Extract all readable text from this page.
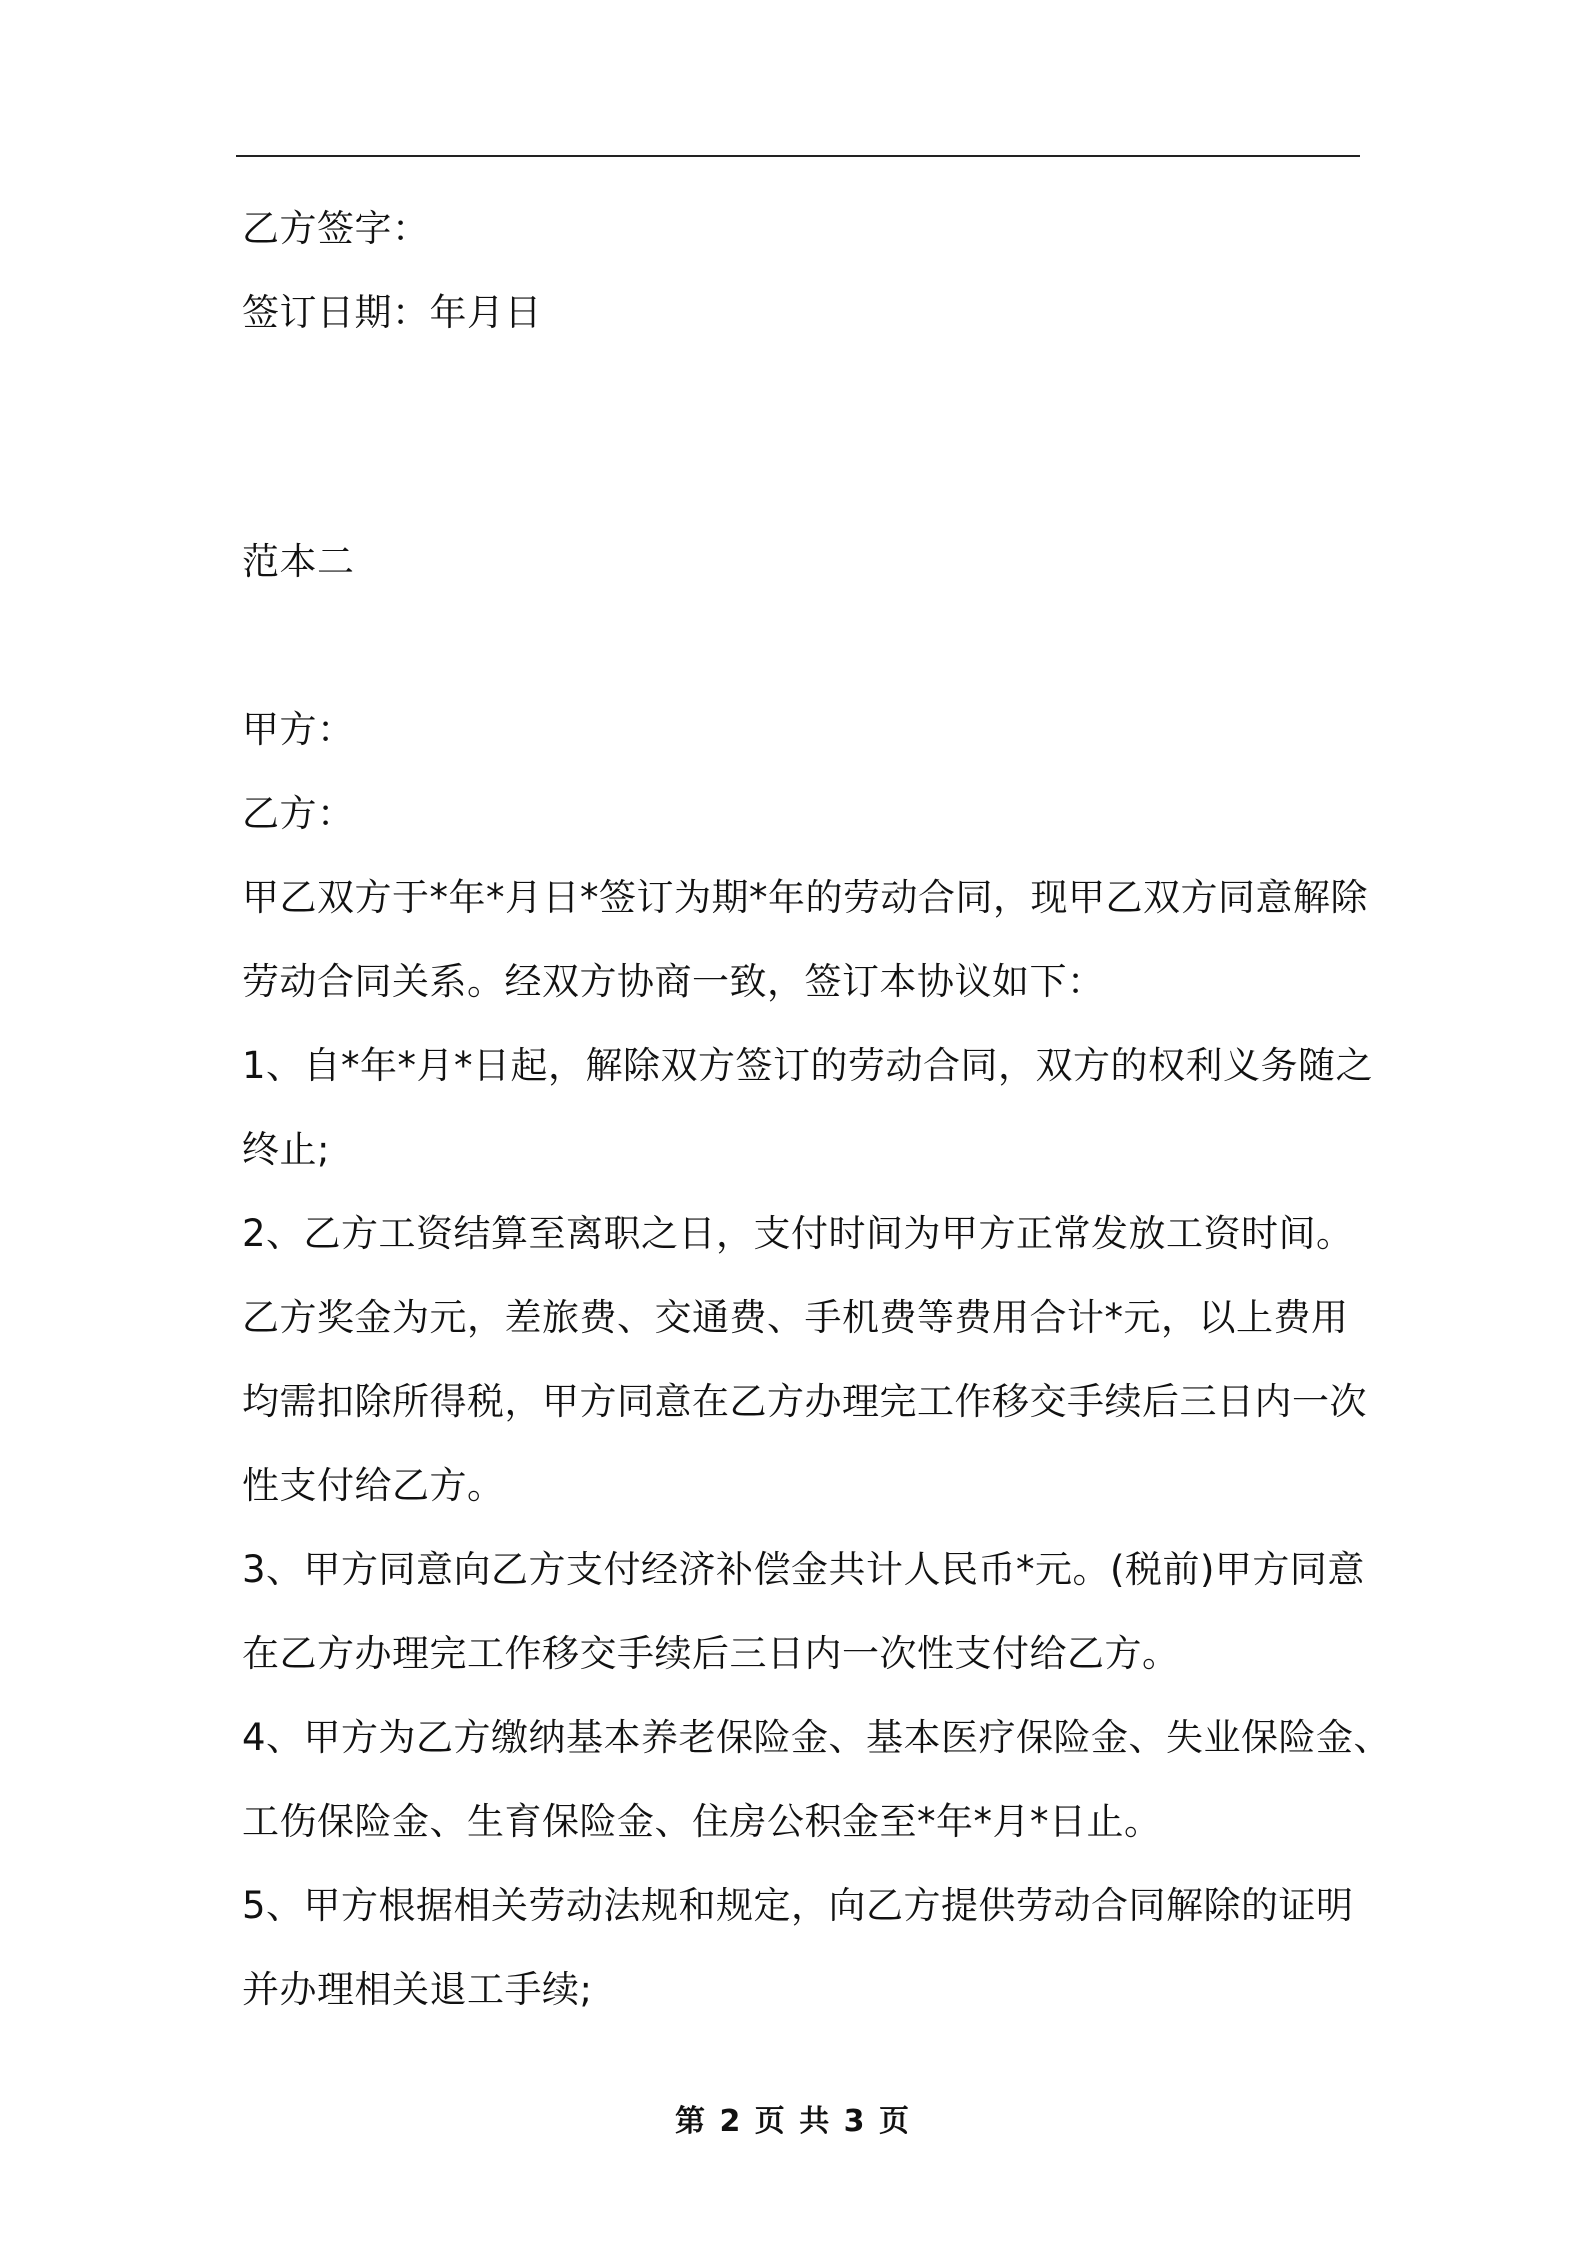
乙方签字：
签订日期：年月日
范本二
甲方：
乙方：
甲乙双方于*年*月日*签订为期*年的劳动合同，现甲乙双方同意解除
劳动合同关系。经双方协商一致，签订本协议如下：
1、自*年*月*日起，解除双方签订的劳动合同，双方的权利义务随之
终止;
2、乙方工资结算至离职之日，支付时间为甲方正常发放工资时间。
乙方奖金为元，差旅费、交通费、手机费等费用合计*元，以上费用
均需扣除所得税，甲方同意在乙方办理完工作移交手续后三日内一次
性支付给乙方。
3、甲方同意向乙方支付经济补偿金共计人民币*元。(税前)甲方同意
在乙方办理完工作移交手续后三日内一次性支付给乙方。
4、甲方为乙方缴纳基本养老保险金、基本医疗保险金、失业保险金、
工伤保险金、生育保险金、住房公积金至*年*月*日止。
5、甲方根据相关劳动法规和规定，向乙方提供劳动合同解除的证明
并办理相关退工手续;
第 2 页 共 3 页
